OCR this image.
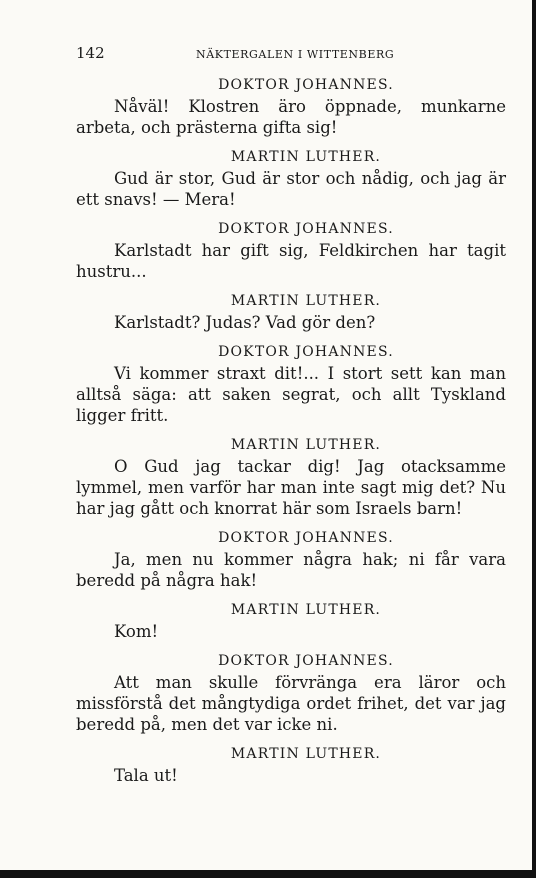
142	NÄKTERGALEN I WITTENBERG
DOKTOR JOHANNES.

Nåväl! Klostren äro öppnade, munkarne arbeta, och prästerna gifta sig!

MARTIN LUTHER.

Gud är stor, Gud är stor och nådig, och jag är ett snavs! — Mera!

DOKTOR JOHANNES.

Karlstadt har gift sig, Feldkirchen har tagit hustru...

MARTIN LUTHER.
Karlstadt? Judas? Vad gör den?
DOKTOR JOHANNES.

Vi kommer straxt dit!... I stort sett kan man alltså säga: att saken segrat, och allt Tyskland ligger fritt.

MARTIN LUTHER.

O Gud jag tackar dig! Jag otacksamme lymmel, men varför har man inte sagt mig det? Nu har jag gått och knorrat här som Israels barn!

DOKTOR JOHANNES.

Ja, men nu kommer några hak; ni får vara beredd på några hak!

MARTIN LUTHER.
Kom!
DOKTOR JOHANNES.

Att man skulle förvränga era läror och missförstå det mångtydiga ordet frihet, det var jag beredd på, men det var icke ni.

MARTIN LUTHER.
Tala ut!
